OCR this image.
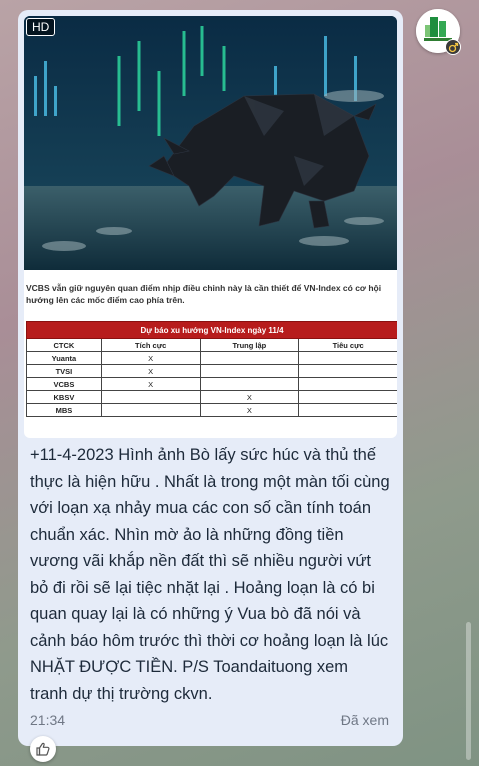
HD
VCBS vẫn giữ nguyên quan điểm nhịp điều chỉnh này là cần thiết để VN-Index có cơ hội hướng lên các mốc điểm cao phía trên.
Dự báo xu hướng VN-Index ngày 11/4			
CTCK	Tích cực	Trung lập	Tiêu cực
Yuanta	X		
TVSI	X		
VCBS	X		
KBSV		X	
MBS		X	
+11-4-2023 Hình ảnh Bò lấy sức húc và thủ thế thực là hiện hữu . Nhất là trong một màn tối cùng với loạn xạ nhảy mua các con số cần tính toán chuẩn xác. Nhìn mờ ảo là những đồng tiền vương vãi khắp nền đất thì sẽ nhiều người vứt bỏ đi rồi sẽ lại tiệc nhặt lại . Hoảng loạn là có bi quan quay lại là có những ý Vua bò đã nói và cảnh báo hôm trước thì thời cơ hoảng loạn là lúc NHẶT ĐƯỢC TIỀN. P/S Toandaituong xem tranh dự thị trường ckvn.
21:34	Đã xem
